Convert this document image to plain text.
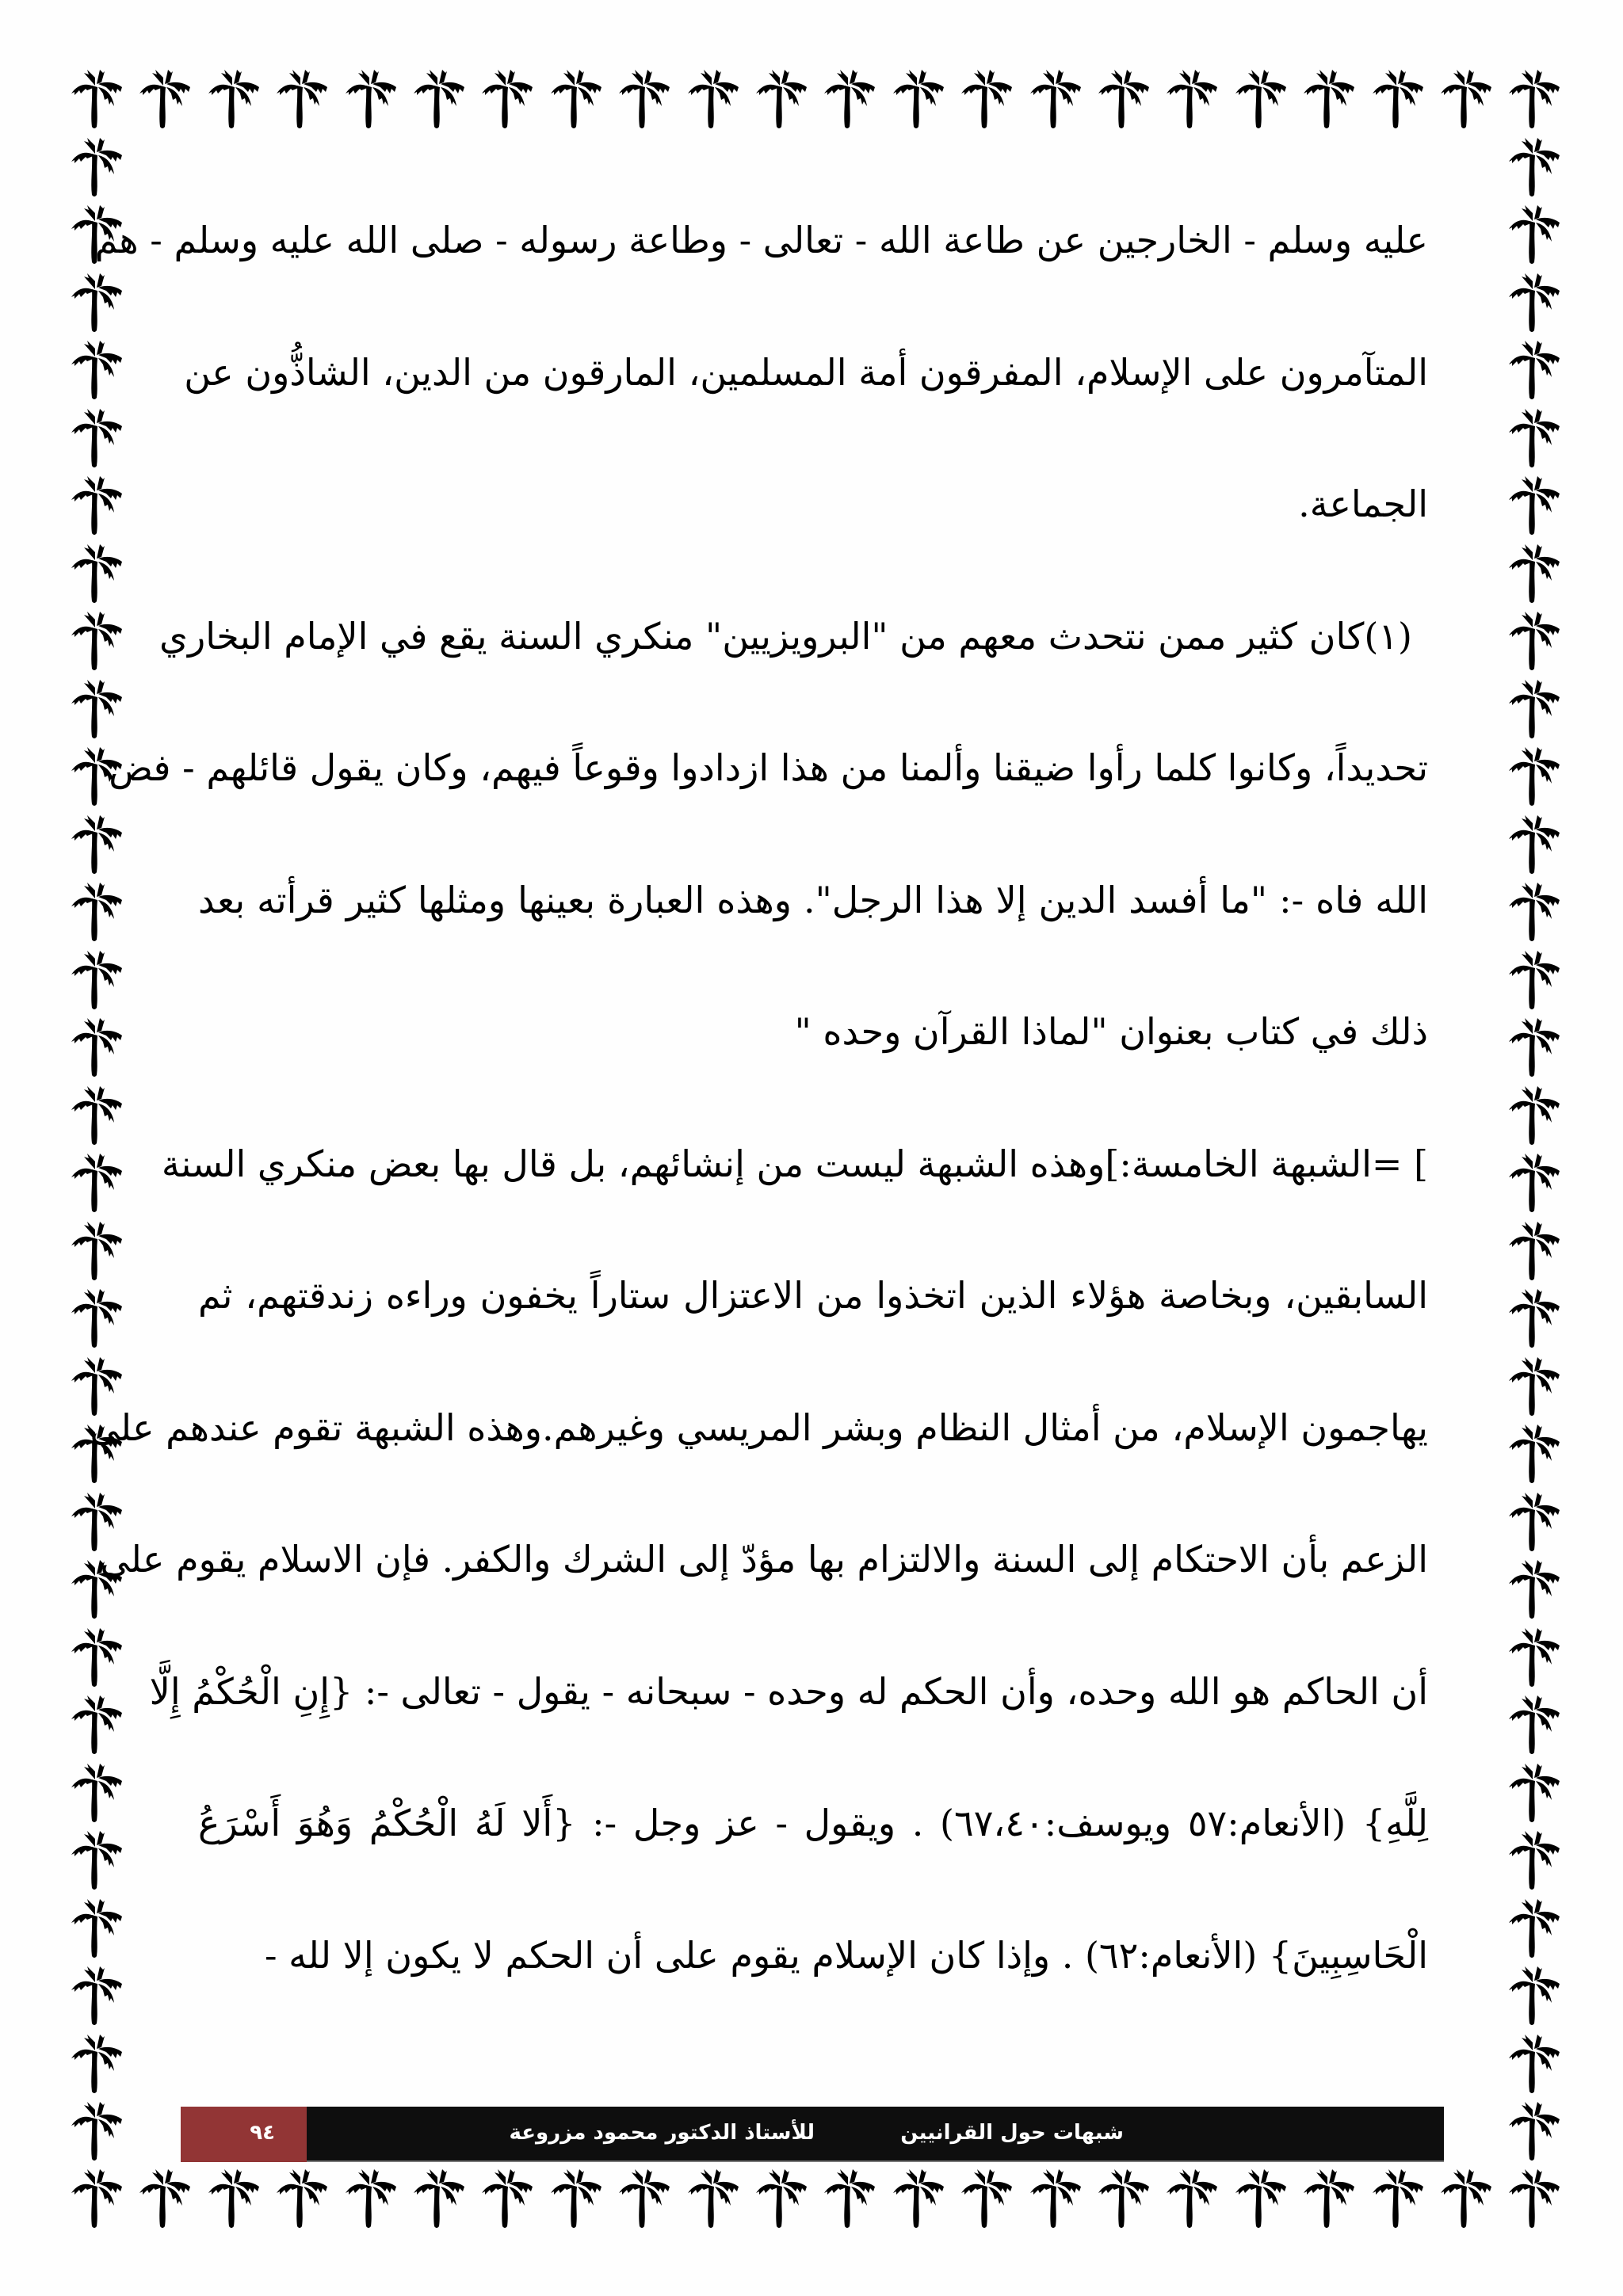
عليه وسلم - الخارجين عن طاعة الله - تعالى - وطاعة رسوله - صلى الله عليه وسلم - هم
المتآمرون على الإسلام، المفرقون أمة المسلمين، المارقون من الدين، الشاذُّون عن
الجماعة.
(١)كان كثير ممن نتحدث معهم من "البرويزيين" منكري السنة يقع في الإمام البخاري
تحديداً، وكانوا كلما رأوا ضيقنا وألمنا من هذا ازدادوا وقوعاً فيهم، وكان يقول قائلهم - فض
الله فاه -: "ما أفسد الدين إلا هذا الرجل". وهذه العبارة بعينها ومثلها كثير قرأته بعد
ذلك في كتاب بعنوان "لماذا القرآن وحده "
] =الشبهة الخامسة:]وهذه الشبهة ليست من إنشائهم، بل قال بها بعض منكري السنة
السابقين، وبخاصة هؤلاء الذين اتخذوا من الاعتزال ستاراً يخفون وراءه زندقتهم، ثم
يهاجمون الإسلام، من أمثال النظام وبشر المريسي وغيرهم.وهذه الشبهة تقوم عندهم على
الزعم بأن الاحتكام إلى السنة والالتزام بها مؤدّ إلى الشرك والكفر. فإن الاسلام يقوم على
أن الحاكم هو الله وحده، وأن الحكم له وحده - سبحانه - يقول - تعالى -: {إِنِ الْحُكْمُ إِلَّا
لِلَّهِ} (الأنعام:٥٧ ويوسف:٦٧،٤٠) . ويقول - عز وجل -: {أَلا لَهُ الْحُكْمُ وَهُوَ أَسْرَعُ
الْحَاسِبِينَ} (الأنعام:٦٢) . وإذا كان الإسلام يقوم على أن الحكم لا يكون إلا لله -
٩٤	للأستاذ الدكتور محمود مزروعة	شبهات حول القرانيين
